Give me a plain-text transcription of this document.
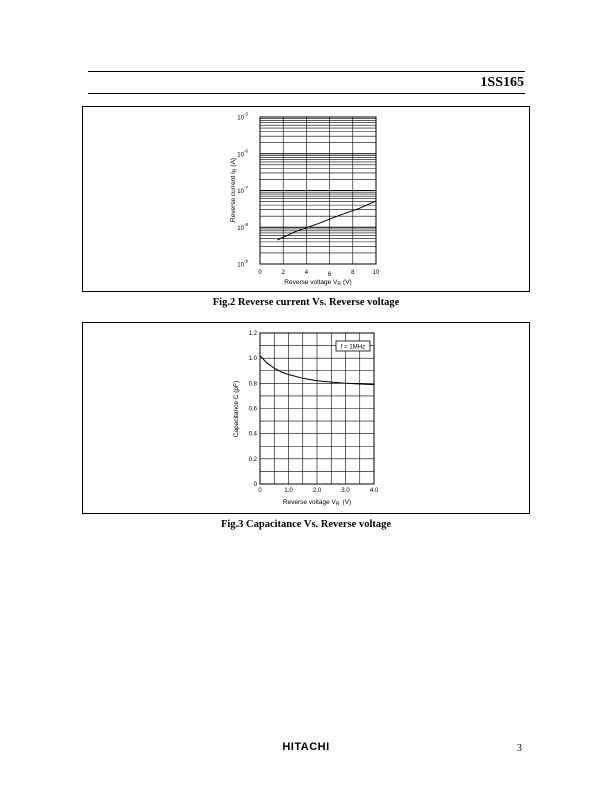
1SS165
0	2	4	6	8	10
$10^{-5}$
$10^{-6}$
$10^{-7}$
$10^{-8}$
$10^{-9}$
Reverse voltage $V_R$ (V)
Reverse current $I_R(A)$
Fig.2 Reverse current Vs. Reverse voltage
0	1.0	2.0	3.0	4.0
0
0.2
0.4
0.6
0.8
1.0
1.2
f = 1MHz
Reverse voltage $V_R$ (V)
Capacitance C (pF)
Fig.3 Capacitance Vs. Reverse voltage
HITACHI	3
